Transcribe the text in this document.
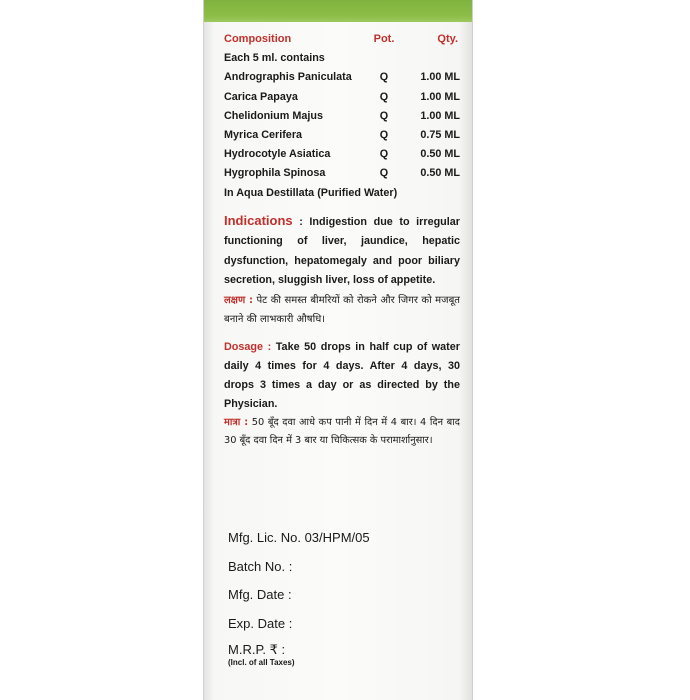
Composition	Pot.	Qty.
Each 5 ml. contains		
Andrographis Paniculata	Q	1.00 ML
Carica Papaya	Q	1.00 ML
Chelidonium Majus	Q	1.00 ML
Myrica Cerifera	Q	0.75 ML
Hydrocotyle Asiatica	Q	0.50 ML
Hygrophila Spinosa	Q	0.50 ML
In Aqua Destillata (Purified Water)		
Indications : Indigestion due to irregular functioning of liver, jaundice, hepatic dysfunction, hepatomegaly and poor biliary secretion, sluggish liver, loss of appetite.
लक्षण : पेट की समस्त बीमरियों को रोकने और जिगर को मजबूत बनाने की लाभकारी औषधि।
Dosage : Take 50 drops in half cup of water daily 4 times for 4 days. After 4 days, 30 drops 3 times a day or as directed by the Physician.
मात्रा : 50 बूँद दवा आधे कप पानी में दिन में 4 बार। 4 दिन बाद 30 बूँद दवा दिन में 3 बार या चिकित्सक के परामार्शानुसार।
Mfg. Lic. No. 03/HPM/05
Batch No. :
Mfg. Date :
Exp. Date :
M.R.P. ₹ :
(Incl. of all Taxes)
